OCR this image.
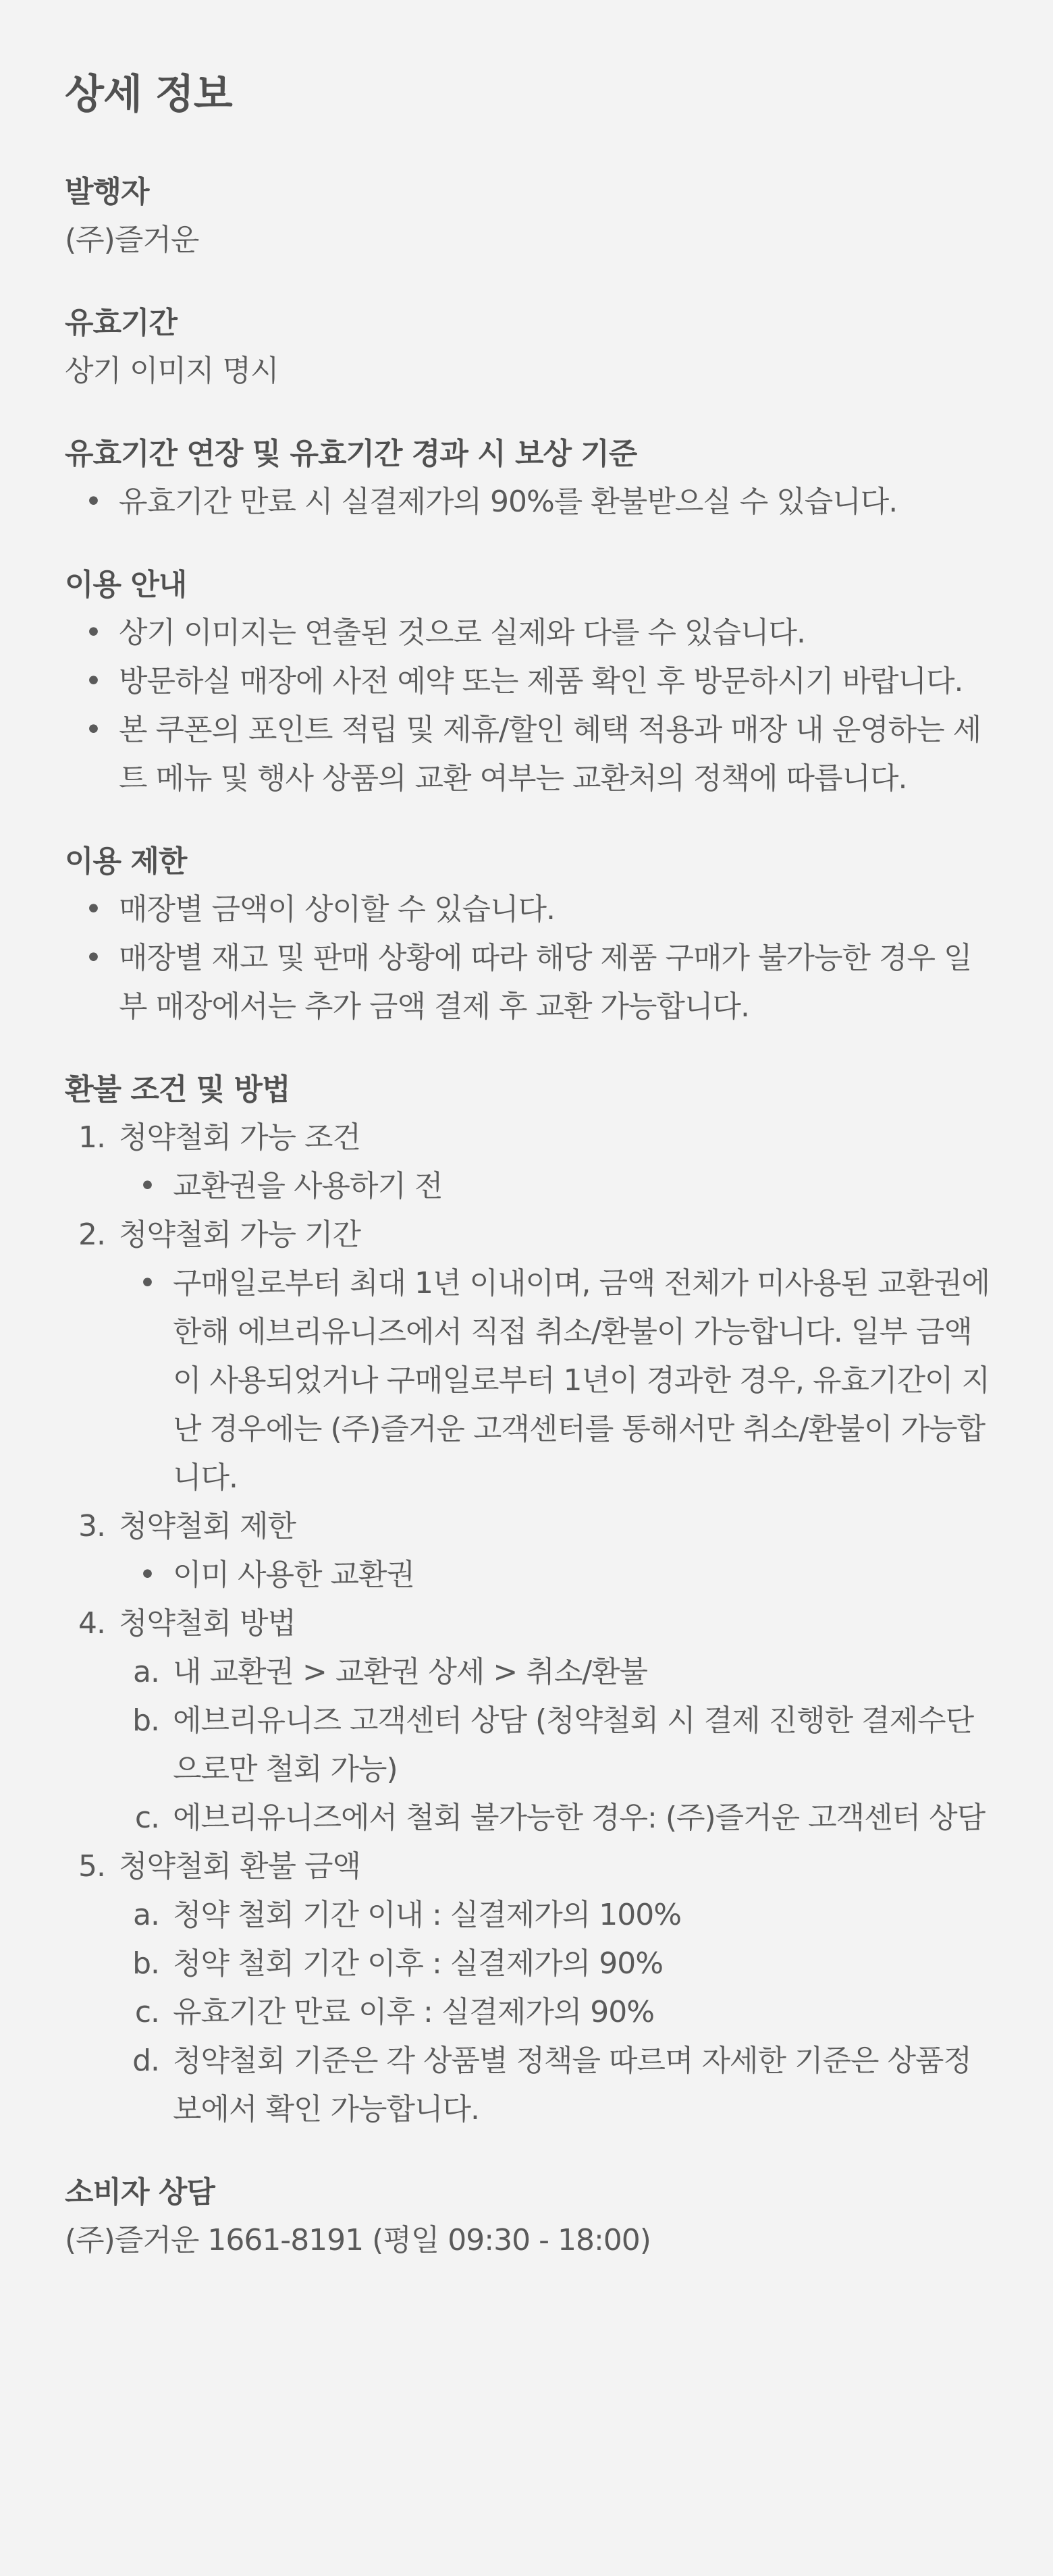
상세 정보
발행자

(주)즐거운

유효기간

상기 이미지 명시

유효기간 연장 및 유효기간 경과 시 보상 기준
• 유효기간 만료 시 실결제가의 90%를 환불받으실 수 있습니다.
이용 안내
• 상기 이미지는 연출된 것으로 실제와 다를 수 있습니다.
• 방문하실 매장에 사전 예약 또는 제품 확인 후 방문하시기 바랍니다.
• 본 쿠폰의 포인트 적립 및 제휴/할인 혜택 적용과 매장 내 운영하는 세트 메뉴 및 행사 상품의 교환 여부는 교환처의 정책에 따릅니다.
이용 제한
• 매장별 금액이 상이할 수 있습니다.
• 매장별 재고 및 판매 상황에 따라 해당 제품 구매가 불가능한 경우 일부 매장에서는 추가 금액 결제 후 교환 가능합니다.
환불 조건 및 방법
1. 청약철회 가능 조건
• 교환권을 사용하기 전
2. 청약철회 가능 기간
• 구매일로부터 최대 1년 이내이며, 금액 전체가 미사용된 교환권에 한해 에브리유니즈에서 직접 취소/환불이 가능합니다. 일부 금액이 사용되었거나 구매일로부터 1년이 경과한 경우, 유효기간이 지난 경우에는 (주)즐거운 고객센터를 통해서만 취소/환불이 가능합니다.
3. 청약철회 제한
• 이미 사용한 교환권
4. 청약철회 방법
a. 내 교환권 > 교환권 상세 > 취소/환불
b. 에브리유니즈 고객센터 상담 (청약철회 시 결제 진행한 결제수단으로만 철회 가능)
c. 에브리유니즈에서 철회 불가능한 경우: (주)즐거운 고객센터 상담
5. 청약철회 환불 금액
a. 청약 철회 기간 이내 : 실결제가의 100%
b. 청약 철회 기간 이후 : 실결제가의 90%
c. 유효기간 만료 이후 : 실결제가의 90%
d. 청약철회 기준은 각 상품별 정책을 따르며 자세한 기준은 상품정보에서 확인 가능합니다.
소비자 상담

(주)즐거운 1661-8191 (평일 09:30 - 18:00)
